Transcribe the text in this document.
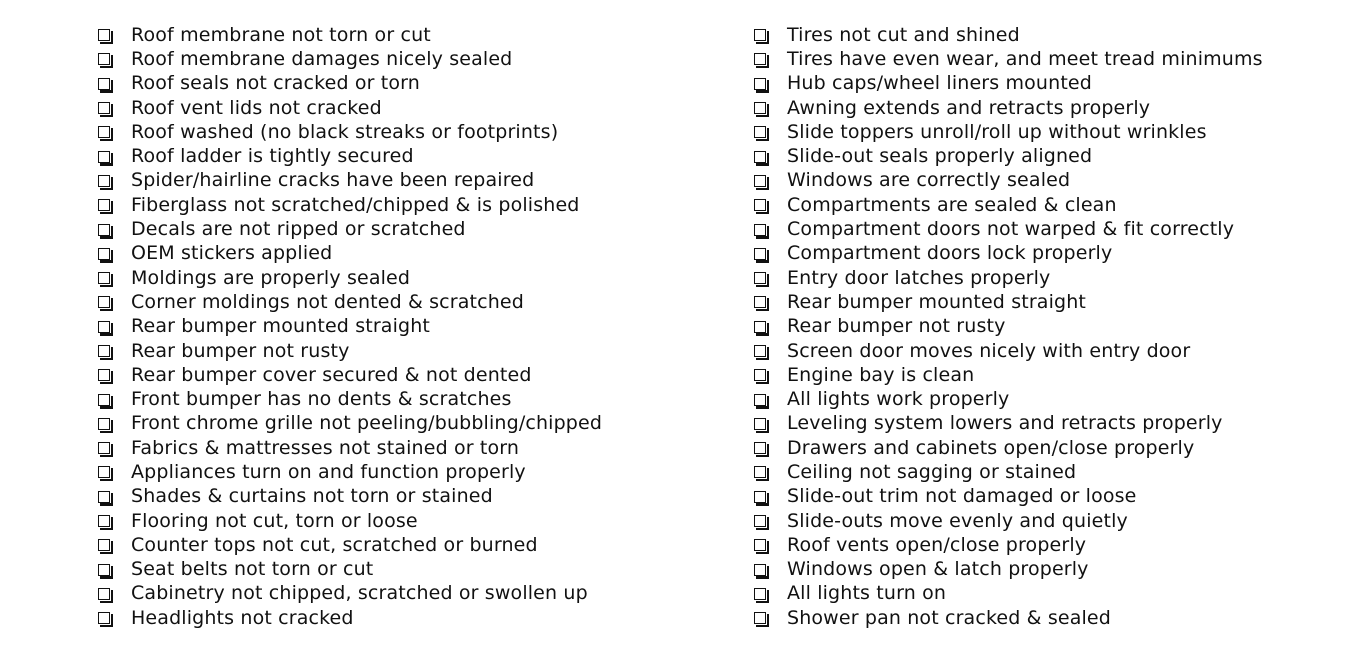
Roof membrane not torn or cut
Roof membrane damages nicely sealed
Roof seals not cracked or torn
Roof vent lids not cracked
Roof washed (no black streaks or footprints)
Roof ladder is tightly secured
Spider/hairline cracks have been repaired
Fiberglass not scratched/chipped & is polished
Decals are not ripped or scratched
OEM stickers applied
Moldings are properly sealed
Corner moldings not dented & scratched
Rear bumper mounted straight
Rear bumper not rusty
Rear bumper cover secured & not dented
Front bumper has no dents & scratches
Front chrome grille not peeling/bubbling/chipped
Fabrics & mattresses not stained or torn
Appliances turn on and function properly
Shades & curtains not torn or stained
Flooring not cut, torn or loose
Counter tops not cut, scratched or burned
Seat belts not torn or cut
Cabinetry not chipped, scratched or swollen up
Headlights not cracked
Tires not cut and shined
Tires have even wear, and meet tread minimums
Hub caps/wheel liners mounted
Awning extends and retracts properly
Slide toppers unroll/roll up without wrinkles
Slide-out seals properly aligned
Windows are correctly sealed
Compartments are sealed & clean
Compartment doors not warped & fit correctly
Compartment doors lock properly
Entry door latches properly
Rear bumper mounted straight
Rear bumper not rusty
Screen door moves nicely with entry door
Engine bay is clean
All lights work properly
Leveling system lowers and retracts properly
Drawers and cabinets open/close properly
Ceiling not sagging or stained
Slide-out trim not damaged or loose
Slide-outs move evenly and quietly
Roof vents open/close properly
Windows open & latch properly
All lights turn on
Shower pan not cracked & sealed
